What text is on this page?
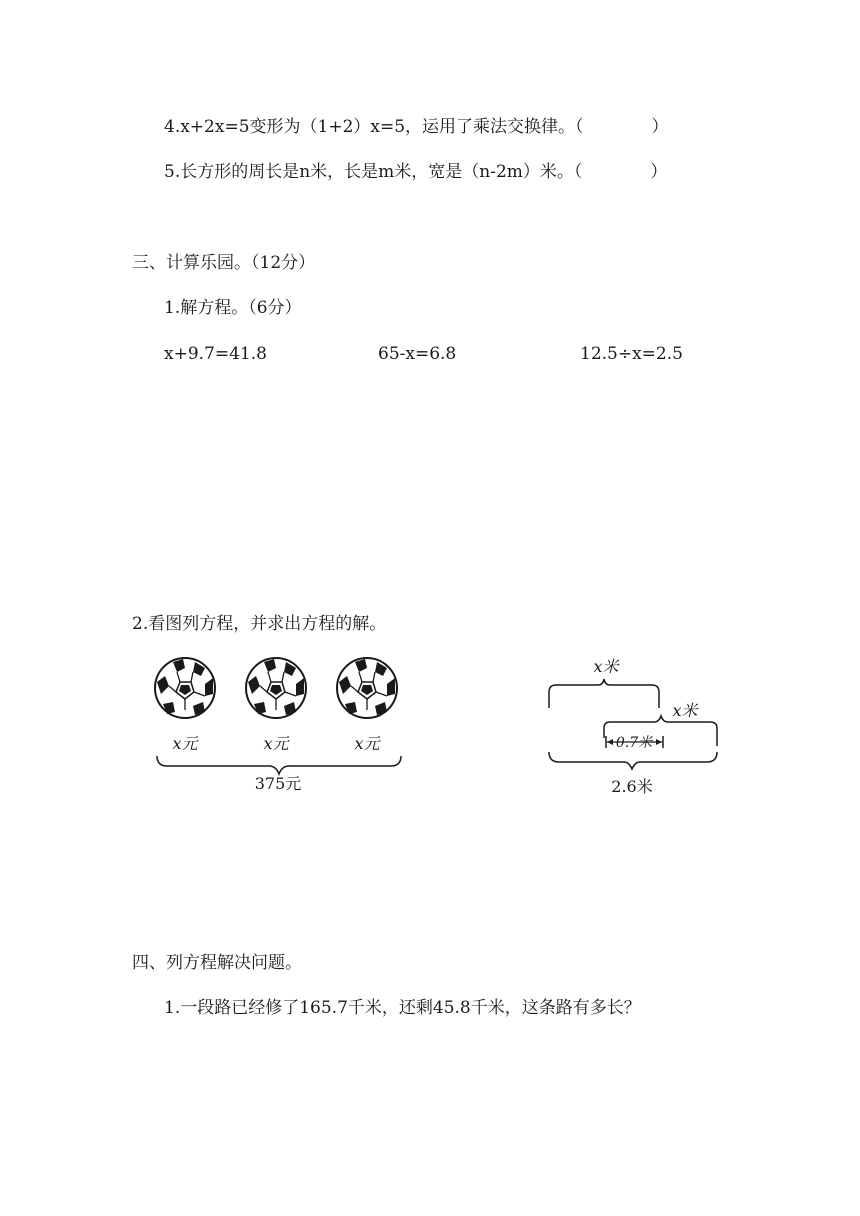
4.x+2x=5变形为（1+2）x=5，运用了乘法交换律。（　　　　）
5.长方形的周长是n米，长是m米，宽是（n-2m）米。（　　　　）
三、计算乐园。（12分）
1.解方程。（6分）
x+9.7=41.8	65-x=6.8	12.5÷x=2.5
2.看图列方程，并求出方程的解。
x元	x元	x元
375元
x米
x米
0.7米
2.6米
四、列方程解决问题。
1.一段路已经修了165.7千米，还剩45.8千米，这条路有多长？
